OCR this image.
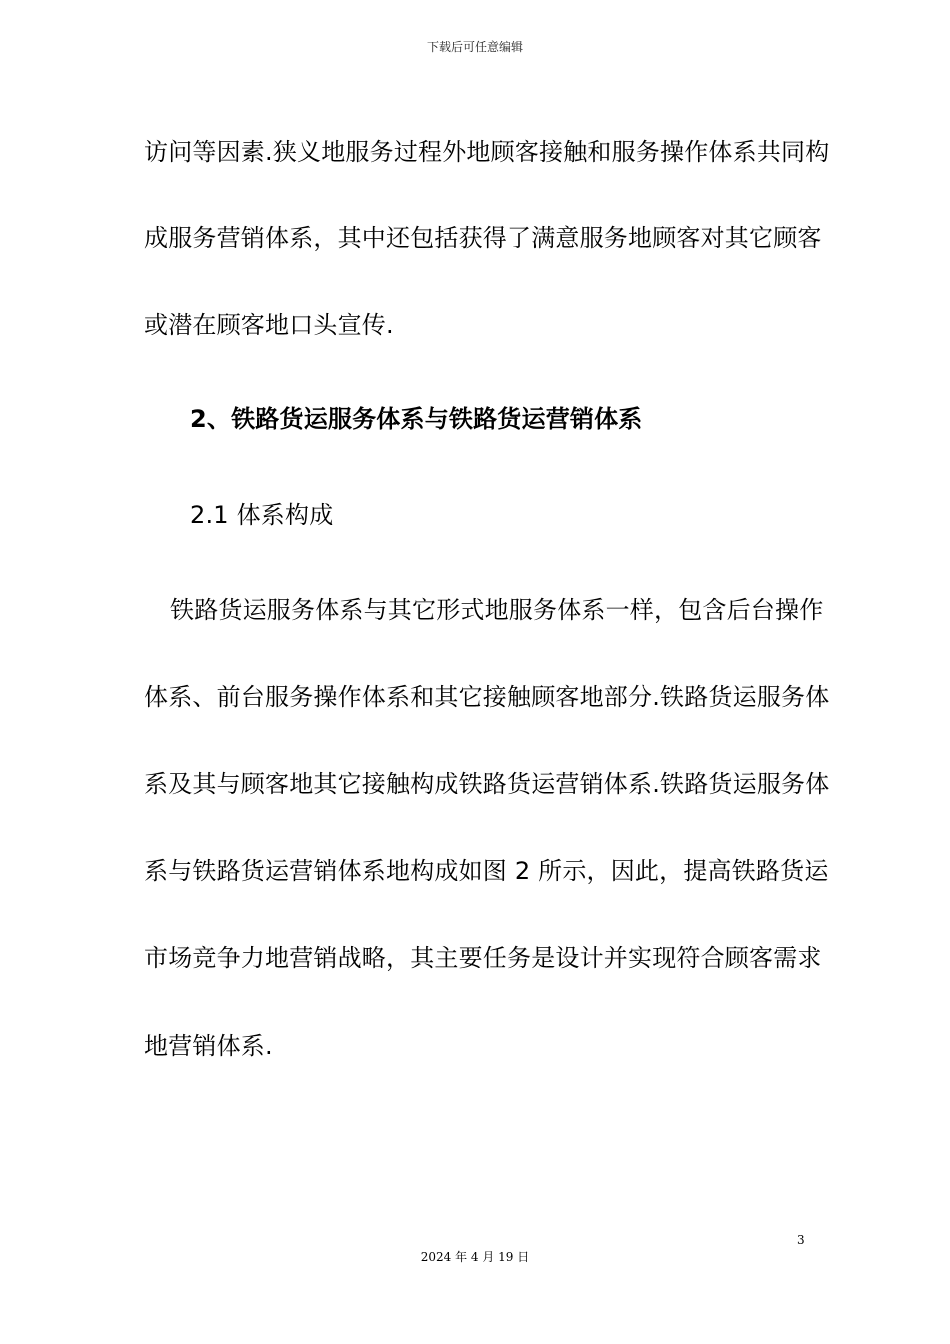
下载后可任意编辑
访问等因素.狭义地服务过程外地顾客接触和服务操作体系共同构
成服务营销体系，其中还包括获得了满意服务地顾客对其它顾客
或潜在顾客地口头宣传.
2、铁路货运服务体系与铁路货运营销体系
2.1 体系构成
铁路货运服务体系与其它形式地服务体系一样，包含后台操作
体系、前台服务操作体系和其它接触顾客地部分.铁路货运服务体
系及其与顾客地其它接触构成铁路货运营销体系.铁路货运服务体
系与铁路货运营销体系地构成如图 2 所示，因此，提高铁路货运
市场竞争力地营销战略，其主要任务是设计并实现符合顾客需求
地营销体系.
3
2024 年 4 月 19 日
